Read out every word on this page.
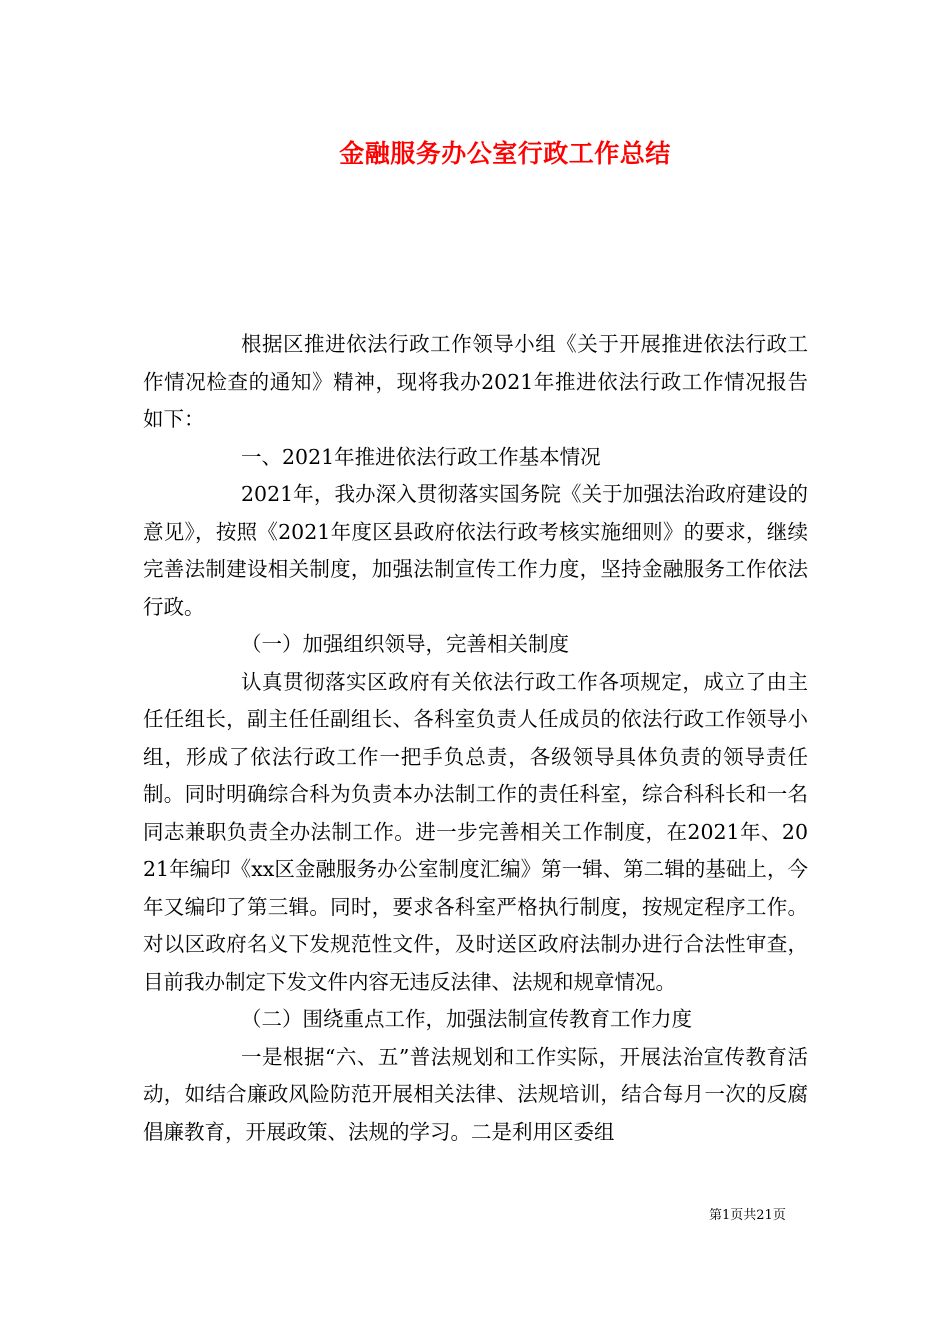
金融服务办公室行政工作总结

根据区推进依法行政工作领导小组《关于开展推进依法行政工作情况检查的通知》精神，现将我办2021年推进依法行政工作情况报告如下：

一、2021年推进依法行政工作基本情况

2021年，我办深入贯彻落实国务院《关于加强法治政府建设的意见》，按照《2021年度区县政府依法行政考核实施细则》的要求，继续完善法制建设相关制度，加强法制宣传工作力度，坚持金融服务工作依法行政。

（一）加强组织领导，完善相关制度

认真贯彻落实区政府有关依法行政工作各项规定，成立了由主任任组长，副主任任副组长、各科室负责人任成员的依法行政工作领导小组，形成了依法行政工作一把手负总责，各级领导具体负责的领导责任制。同时明确综合科为负责本办法制工作的责任科室，综合科科长和一名同志兼职负责全办法制工作。进一步完善相关工作制度，在2021年、2021年编印《xx区金融服务办公室制度汇编》第一辑、第二辑的基础上，今年又编印了第三辑。同时，要求各科室严格执行制度，按规定程序工作。对以区政府名义下发规范性文件，及时送区政府法制办进行合法性审查，目前我办制定下发文件内容无违反法律、法规和规章情况。

（二）围绕重点工作，加强法制宣传教育工作力度

一是根据“六、五”普法规划和工作实际，开展法治宣传教育活动，如结合廉政风险防范开展相关法律、法规培训，结合每月一次的反腐倡廉教育，开展政策、法规的学习。二是利用区委组

第1页共21页
